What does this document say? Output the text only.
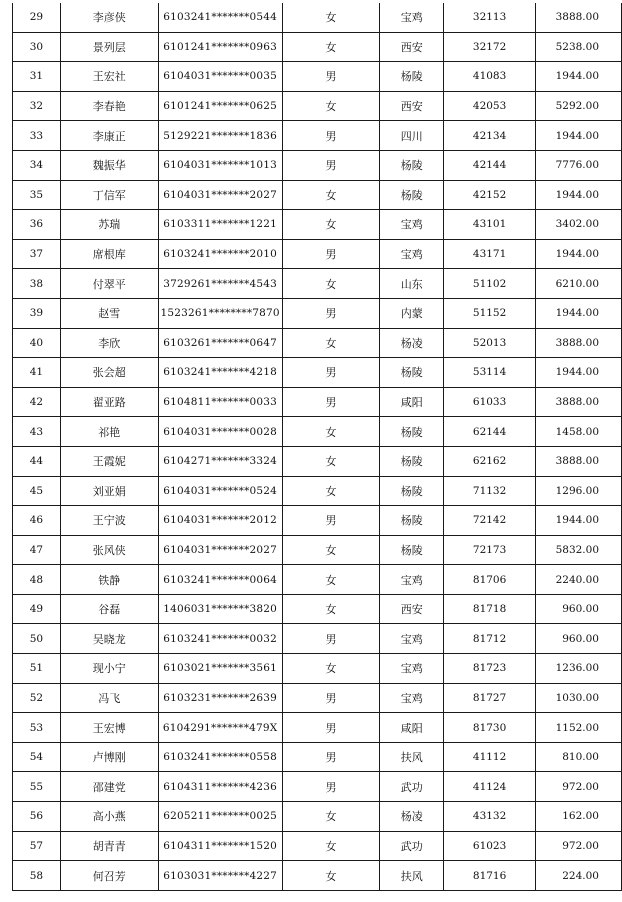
29	李彦侠	6103241*******0544	女	宝鸡	32113	3888.00
30	景列层	6101241*******0963	女	西安	32172	5238.00
31	王宏社	6104031*******0035	男	杨陵	41083	1944.00
32	李春艳	6101241*******0625	女	西安	42053	5292.00
33	李康正	5129221*******1836	男	四川	42134	1944.00
34	魏振华	6104031*******1013	男	杨陵	42144	7776.00
35	丁信军	6104031*******2027	女	杨陵	42152	1944.00
36	苏瑞	6103311*******1221	女	宝鸡	43101	3402.00
37	席根库	6103241*******2010	男	宝鸡	43171	1944.00
38	付翠平	3729261*******4543	女	山东	51102	6210.00
39	赵雪	1523261********7870	男	内蒙	51152	1944.00
40	李欣	6103261*******0647	女	杨凌	52013	3888.00
41	张会超	6103241*******4218	男	杨陵	53114	1944.00
42	翟亚路	6104811*******0033	男	咸阳	61033	3888.00
43	祁艳	6104031*******0028	女	杨陵	62144	1458.00
44	王霞妮	6104271*******3324	女	杨陵	62162	3888.00
45	刘亚娟	6104031*******0524	女	杨陵	71132	1296.00
46	王宁波	6104031*******2012	男	杨陵	72142	1944.00
47	张风侠	6104031*******2027	女	杨陵	72173	5832.00
48	铁静	6103241*******0064	女	宝鸡	81706	2240.00
49	谷磊	1406031*******3820	女	西安	81718	960.00
50	吴晓龙	6103241*******0032	男	宝鸡	81712	960.00
51	现小宁	6103021*******3561	女	宝鸡	81723	1236.00
52	冯飞	6103231*******2639	男	宝鸡	81727	1030.00
53	王宏博	6104291*******479X	男	咸阳	81730	1152.00
54	卢博刚	6103241*******0558	男	扶风	41112	810.00
55	邵建党	6104311*******4236	男	武功	41124	972.00
56	高小燕	6205211*******0025	女	杨凌	43132	162.00
57	胡青青	6104311*******1520	女	武功	61023	972.00
58	何召芳	6103031*******4227	女	扶风	81716	224.00
